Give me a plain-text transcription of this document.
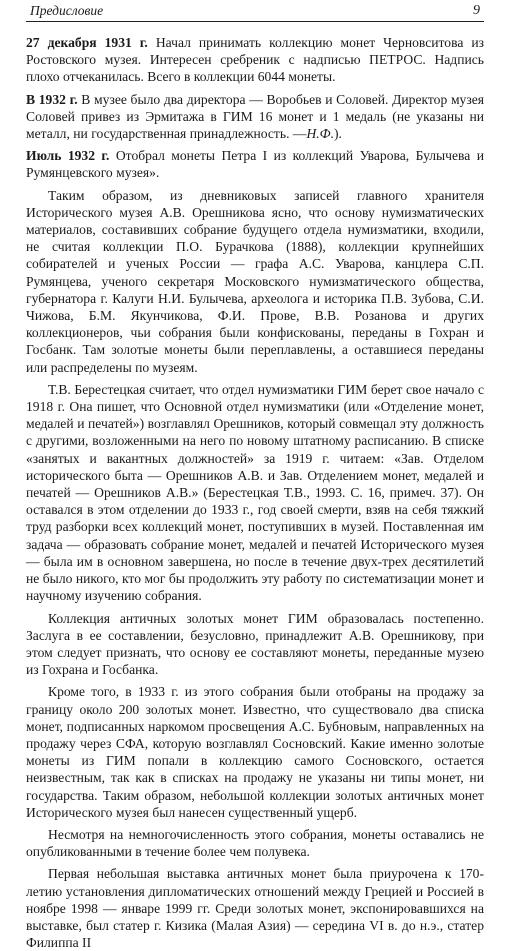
Предисловие	9

27 декабря 1931 г. Начал принимать коллекцию монет Черновситова из Ростовского музея. Интересен сребреник с надписью ПЕТРОС. Надпись плохо отчеканилась. Всего в коллекции 6044 монеты.

В 1932 г. В музее было два директора — Воробьев и Соловей. Директор музея Соловей привез из Эрмитажа в ГИМ 16 монет и 1 медаль (не указаны ни металл, ни государственная принадлежность. —Н.Ф.).

Июль 1932 г. Отобрал монеты Петра I из коллекций Уварова, Булычева и Румянцевского музея».

Таким образом, из дневниковых записей главного хранителя Исторического музея А.В. Орешникова ясно, что основу нумизматических материалов, составивших собрание будущего отдела нумизматики, входили, не считая коллекции П.О. Бурачкова (1888), коллекции крупнейших собирателей и ученых России — графа А.С. Уварова, канцлера С.П. Румянцева, ученого секретаря Московского нумизматического общества, губернатора г. Калуги Н.И. Булычева, археолога и историка П.В. Зубова, С.И. Чижова, Б.М. Якунчикова, Ф.И. Прове, В.В. Розанова и других коллекционеров, чьи собрания были конфискованы, переданы в Гохран и Госбанк. Там золотые монеты были переплавлены, а оставшиеся переданы или распределены по музеям.

Т.В. Берестецкая считает, что отдел нумизматики ГИМ берет свое начало с 1918 г. Она пишет, что Основной отдел нумизматики (или «Отделение монет, медалей и печатей») возглавлял Орешников, который совмещал эту должность с другими, возложенными на него по новому штатному расписанию. В списке «занятых и вакантных должностей» за 1919 г. читаем: «Зав. Отделом исторического быта — Орешников А.В. и Зав. Отделением монет, медалей и печатей — Орешников А.В.» (Берестецкая Т.В., 1993. С. 16, примеч. 37). Он оставался в этом отделении до 1933 г., год своей смерти, взяв на себя тяжкий труд разборки всех коллекций монет, поступивших в музей. Поставленная им задача — образовать собрание монет, медалей и печатей Исторического музея — была им в основном завершена, но после в течение двух-трех десятилетий не было никого, кто мог бы продолжить эту работу по систематизации монет и научному изучению собрания.

Коллекция античных золотых монет ГИМ образовалась постепенно. Заслуга в ее составлении, безусловно, принадлежит А.В. Орешникову, при этом следует признать, что основу ее составляют монеты, переданные музею из Гохрана и Госбанка.

Кроме того, в 1933 г. из этого собрания были отобраны на продажу за границу около 200 золотых монет. Известно, что существовало два списка монет, подписанных наркомом просвещения А.С. Бубновым, направленных на продажу через СФА, которую возглавлял Сосновский. Какие именно золотые монеты из ГИМ попали в коллекцию самого Сосновского, остается неизвестным, так как в списках на продажу не указаны ни типы монет, ни государства. Таким образом, небольшой коллекции золотых античных монет Исторического музея был нанесен существенный ущерб.

Несмотря на немногочисленность этого собрания, монеты оставались не опубликованными в течение более чем полувека.

Первая небольшая выставка античных монет была приурочена к 170-летию установления дипломатических отношений между Грецией и Россией в ноябре 1998 — январе 1999 гг. Среди золотых монет, экспонировавшихся на выставке, был статер г. Кизика (Малая Азия) — середина VI в. до н.э., статер Филиппа II
